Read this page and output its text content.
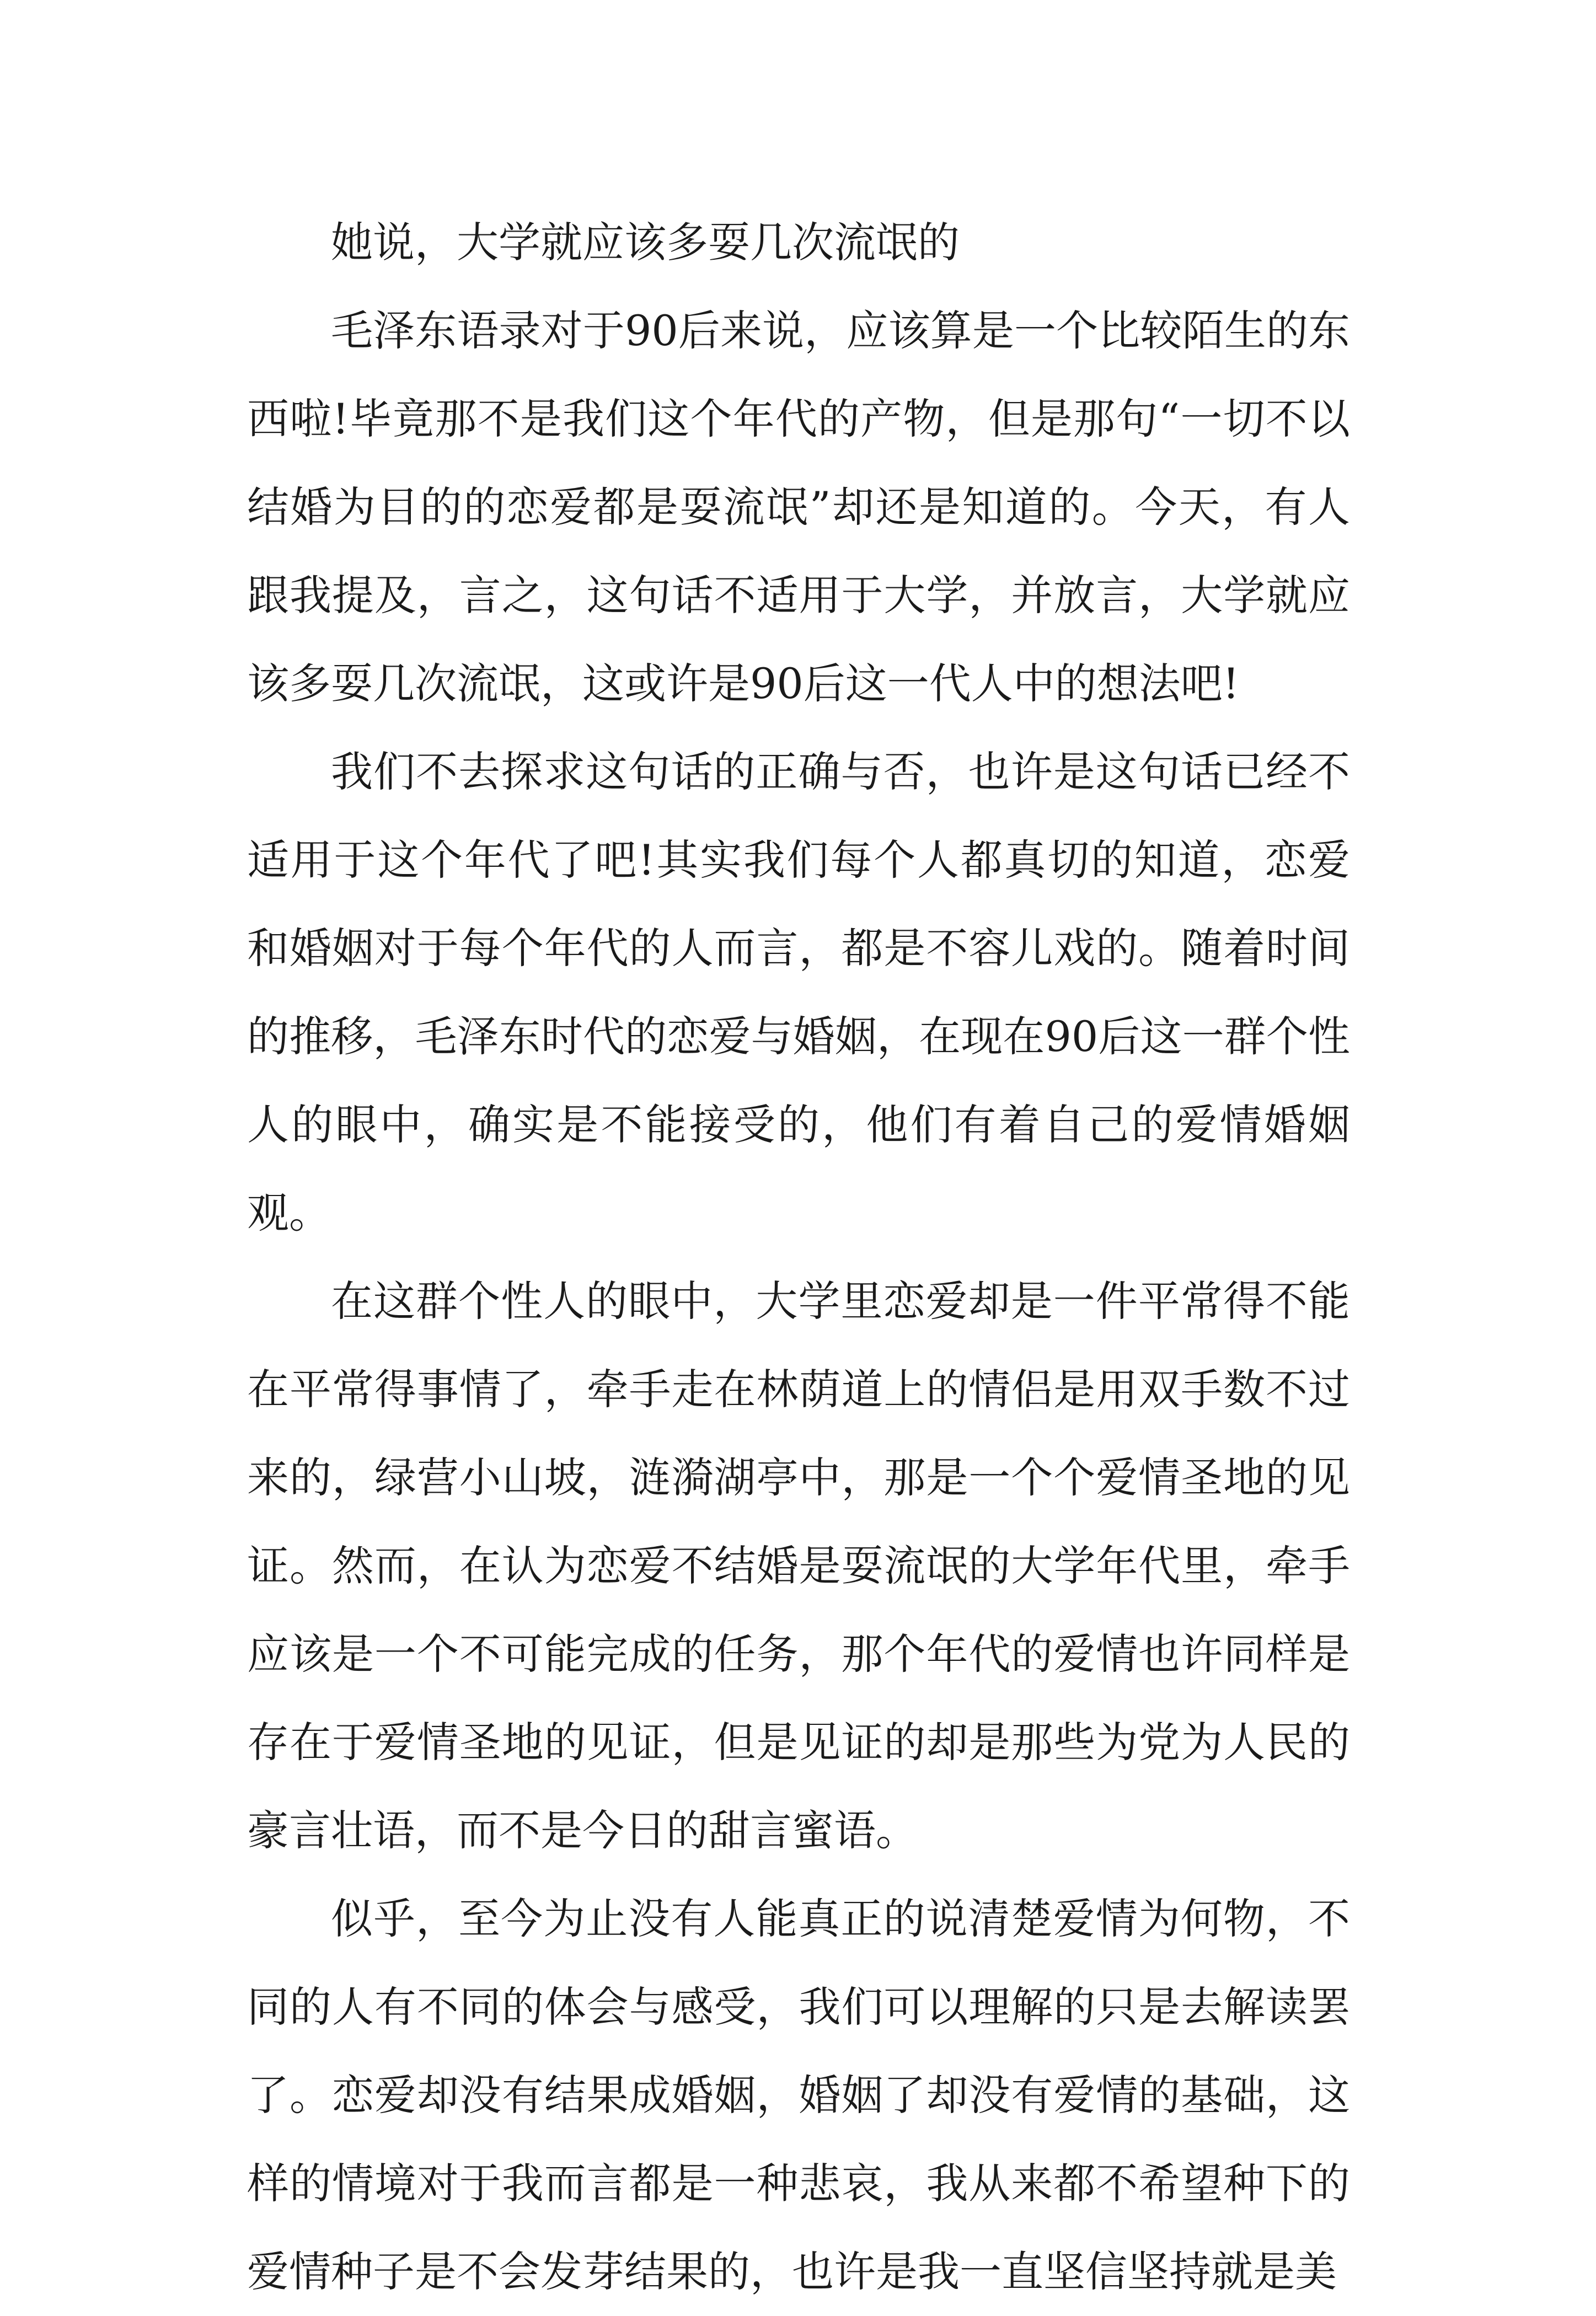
她说，大学就应该多耍几次流氓的

毛泽东语录对于90后来说，应该算是一个比较陌生的东西啦!毕竟那不是我们这个年代的产物，但是那句“一切不以结婚为目的的恋爱都是耍流氓”却还是知道的。今天，有人跟我提及，言之，这句话不适用于大学，并放言，大学就应该多耍几次流氓，这或许是90后这一代人中的想法吧!

我们不去探求这句话的正确与否，也许是这句话已经不适用于这个年代了吧!其实我们每个人都真切的知道，恋爱和婚姻对于每个年代的人而言，都是不容儿戏的。随着时间的推移，毛泽东时代的恋爱与婚姻，在现在90后这一群个性人的眼中，确实是不能接受的，他们有着自己的爱情婚姻观。

在这群个性人的眼中，大学里恋爱却是一件平常得不能在平常得事情了，牵手走在林荫道上的情侣是用双手数不过来的，绿营小山坡，涟漪湖亭中，那是一个个爱情圣地的见证。然而，在认为恋爱不结婚是耍流氓的大学年代里，牵手应该是一个不可能完成的任务，那个年代的爱情也许同样是存在于爱情圣地的见证，但是见证的却是那些为党为人民的豪言壮语，而不是今日的甜言蜜语。

似乎，至今为止没有人能真正的说清楚爱情为何物，不同的人有不同的体会与感受，我们可以理解的只是去解读罢了。恋爱却没有结果成婚姻，婚姻了却没有爱情的基础，这样的情境对于我而言都是一种悲哀，我从来都不希望种下的爱情种子是不会发芽结果的，也许是我一直坚信坚持就是美
